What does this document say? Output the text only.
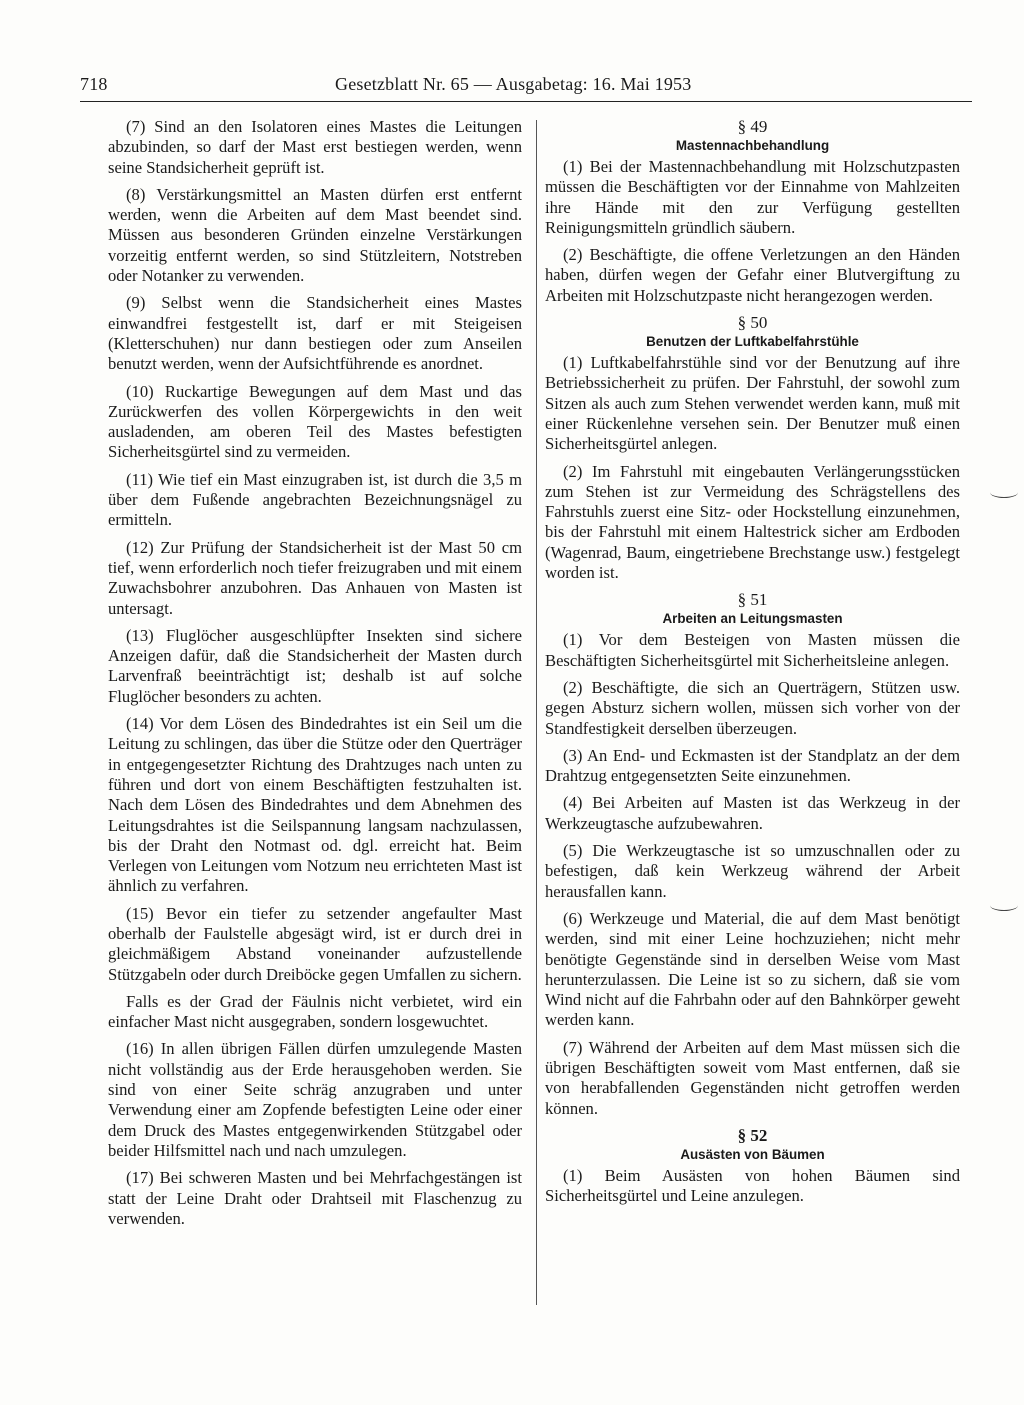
718	Gesetzblatt Nr. 65 — Ausgabetag: 16. Mai 1953

(7) Sind an den Isolatoren eines Mastes die Leitungen abzubinden, so darf der Mast erst bestiegen werden, wenn seine Standsicherheit geprüft ist.

(8) Verstärkungsmittel an Masten dürfen erst entfernt werden, wenn die Arbeiten auf dem Mast beendet sind. Müssen aus besonderen Gründen einzelne Verstärkungen vorzeitig entfernt werden, so sind Stützleitern, Notstreben oder Notanker zu verwenden.

(9) Selbst wenn die Standsicherheit eines Mastes einwandfrei festgestellt ist, darf er mit Steigeisen (Kletterschuhen) nur dann bestiegen oder zum Anseilen benutzt werden, wenn der Aufsichtführende es anordnet.

(10) Ruckartige Bewegungen auf dem Mast und das Zurückwerfen des vollen Körpergewichts in den weit ausladenden, am oberen Teil des Mastes befestigten Sicherheitsgürtel sind zu vermeiden.

(11) Wie tief ein Mast einzugraben ist, ist durch die 3,5 m über dem Fußende angebrachten Bezeichnungsnägel zu ermitteln.

(12) Zur Prüfung der Standsicherheit ist der Mast 50 cm tief, wenn erforderlich noch tiefer freizugraben und mit einem Zuwachsbohrer anzubohren. Das Anhauen von Masten ist untersagt.

(13) Fluglöcher ausgeschlüpfter Insekten sind sichere Anzeigen dafür, daß die Standsicherheit der Masten durch Larvenfraß beeinträchtigt ist; deshalb ist auf solche Fluglöcher besonders zu achten.

(14) Vor dem Lösen des Bindedrahtes ist ein Seil um die Leitung zu schlingen, das über die Stütze oder den Querträger in entgegengesetzter Richtung des Drahtzuges nach unten zu führen und dort von einem Beschäftigten festzuhalten ist. Nach dem Lösen des Bindedrahtes und dem Abnehmen des Leitungsdrahtes ist die Seilspannung langsam nachzulassen, bis der Draht den Notmast od. dgl. erreicht hat. Beim Verlegen von Leitungen vom Notzum neu errichteten Mast ist ähnlich zu verfahren.

(15) Bevor ein tiefer zu setzender angefaulter Mast oberhalb der Faulstelle abgesägt wird, ist er durch drei in gleichmäßigem Abstand voneinander aufzustellende Stützgabeln oder durch Dreiböcke gegen Umfallen zu sichern.

Falls es der Grad der Fäulnis nicht verbietet, wird ein einfacher Mast nicht ausgegraben, sondern losgewuchtet.

(16) In allen übrigen Fällen dürfen umzulegende Masten nicht vollständig aus der Erde herausgehoben werden. Sie sind von einer Seite schräg anzugraben und unter Verwendung einer am Zopfende befestigten Leine oder einer dem Druck des Mastes entgegenwirkenden Stützgabel oder beider Hilfsmittel nach und nach umzulegen.

(17) Bei schweren Masten und bei Mehrfachgestängen ist statt der Leine Draht oder Drahtseil mit Flaschenzug zu verwenden.

§ 49

Mastennachbehandlung

(1) Bei der Mastennachbehandlung mit Holzschutzpasten müssen die Beschäftigten vor der Einnahme von Mahlzeiten ihre Hände mit den zur Verfügung gestellten Reinigungsmitteln gründlich säubern.

(2) Beschäftigte, die offene Verletzungen an den Händen haben, dürfen wegen der Gefahr einer Blutvergiftung zu Arbeiten mit Holzschutzpaste nicht herangezogen werden.

§ 50

Benutzen der Luftkabelfahrstühle

(1) Luftkabelfahrstühle sind vor der Benutzung auf ihre Betriebssicherheit zu prüfen. Der Fahrstuhl, der sowohl zum Sitzen als auch zum Stehen verwendet werden kann, muß mit einer Rückenlehne versehen sein. Der Benutzer muß einen Sicherheitsgürtel anlegen.

(2) Im Fahrstuhl mit eingebauten Verlängerungsstücken zum Stehen ist zur Vermeidung des Schrägstellens des Fahrstuhls zuerst eine Sitz- oder Hockstellung einzunehmen, bis der Fahrstuhl mit einem Haltestrick sicher am Erdboden (Wagenrad, Baum, eingetriebene Brechstange usw.) festgelegt worden ist.

§ 51

Arbeiten an Leitungsmasten

(1) Vor dem Besteigen von Masten müssen die Beschäftigten Sicherheitsgürtel mit Sicherheitsleine anlegen.

(2) Beschäftigte, die sich an Querträgern, Stützen usw. gegen Absturz sichern wollen, müssen sich vorher von der Standfestigkeit derselben überzeugen.

(3) An End- und Eckmasten ist der Standplatz an der dem Drahtzug entgegensetzten Seite einzunehmen.

(4) Bei Arbeiten auf Masten ist das Werkzeug in der Werkzeugtasche aufzubewahren.

(5) Die Werkzeugtasche ist so umzuschnallen oder zu befestigen, daß kein Werkzeug während der Arbeit herausfallen kann.

(6) Werkzeuge und Material, die auf dem Mast benötigt werden, sind mit einer Leine hochzuziehen; nicht mehr benötigte Gegenstände sind in derselben Weise vom Mast herunterzulassen. Die Leine ist so zu sichern, daß sie vom Wind nicht auf die Fahrbahn oder auf den Bahnkörper geweht werden kann.

(7) Während der Arbeiten auf dem Mast müssen sich die übrigen Beschäftigten soweit vom Mast entfernen, daß sie von herabfallenden Gegenständen nicht getroffen werden können.

§ 52

Ausästen von Bäumen

(1) Beim Ausästen von hohen Bäumen sind Sicherheitsgürtel und Leine anzulegen.
